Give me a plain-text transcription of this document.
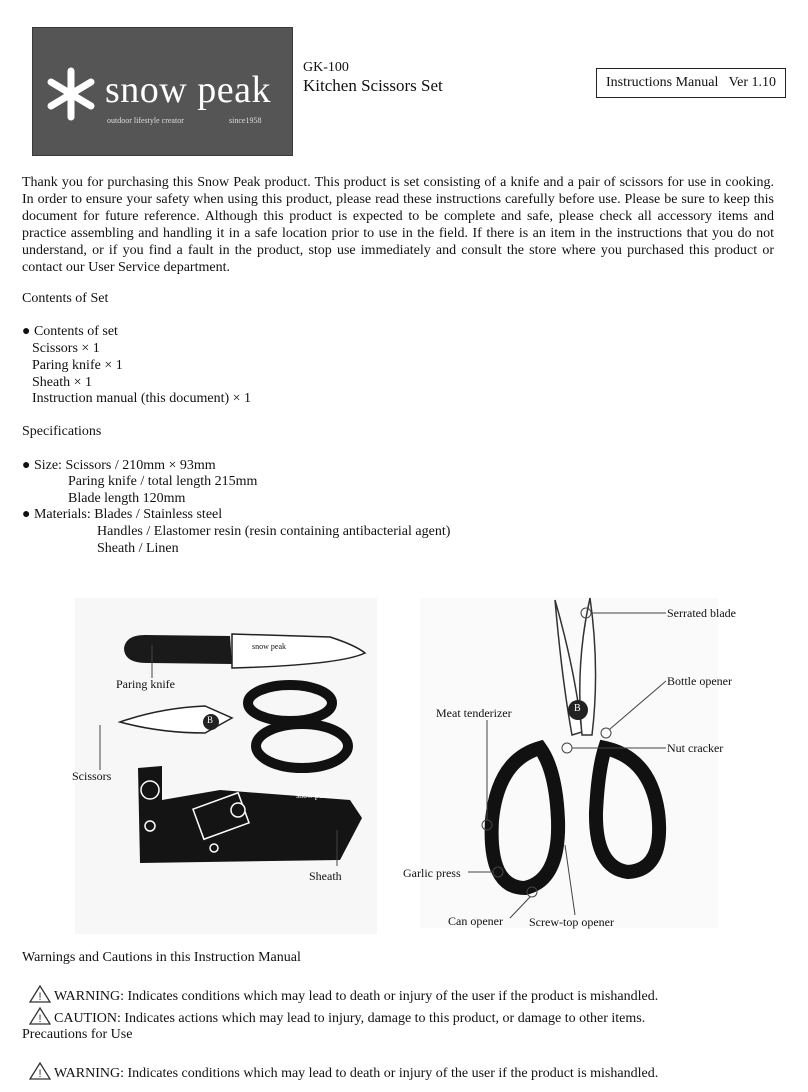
snow peak
outdoor lifestyle creator	since1958
GK-100
Kitchen Scissors Set	Instructions Manual   Ver 1.10
Thank you for purchasing this Snow Peak product. This product is set consisting of a knife and a pair of scissors for use in cooking. In order to ensure your safety when using this product, please read these instructions carefully before use. Please be sure to keep this document for future reference. Although this product is expected to be complete and safe, please check all accessory items and practice assembling and handling it in a safe location prior to use in the field. If there is an item in the instructions that you do not understand, or if you find a fault in the product, stop use immediately and consult the store where you purchased this product or contact our User Service department.
Contents of Set
● Contents of set
Scissors × 1
Paring knife × 1
Sheath × 1
Instruction manual (this document) × 1
Specifications
● Size: Scissors / 210mm × 93mm
Paring knife / total length 215mm
Blade length 120mm
● Materials: Blades / Stainless steel
Handles / Elastomer resin (resin containing antibacterial agent)
Sheath / Linen
Paring knife
Scissors
Sheath
Serrated blade
Bottle opener
Meat tenderizer
Nut cracker
Garlic press
Can opener Screw-top opener
snow peak
snow peak
B
B
Warnings and Cautions in this Instruction Manual

! WARNING: Indicates conditions which may lead to death or injury of the user if the product is mishandled.

! CAUTION: Indicates actions which may lead to injury, damage to this product, or damage to other items.

Precautions for Use

! WARNING: Indicates conditions which may lead to death or injury of the user if the product is mishandled.
